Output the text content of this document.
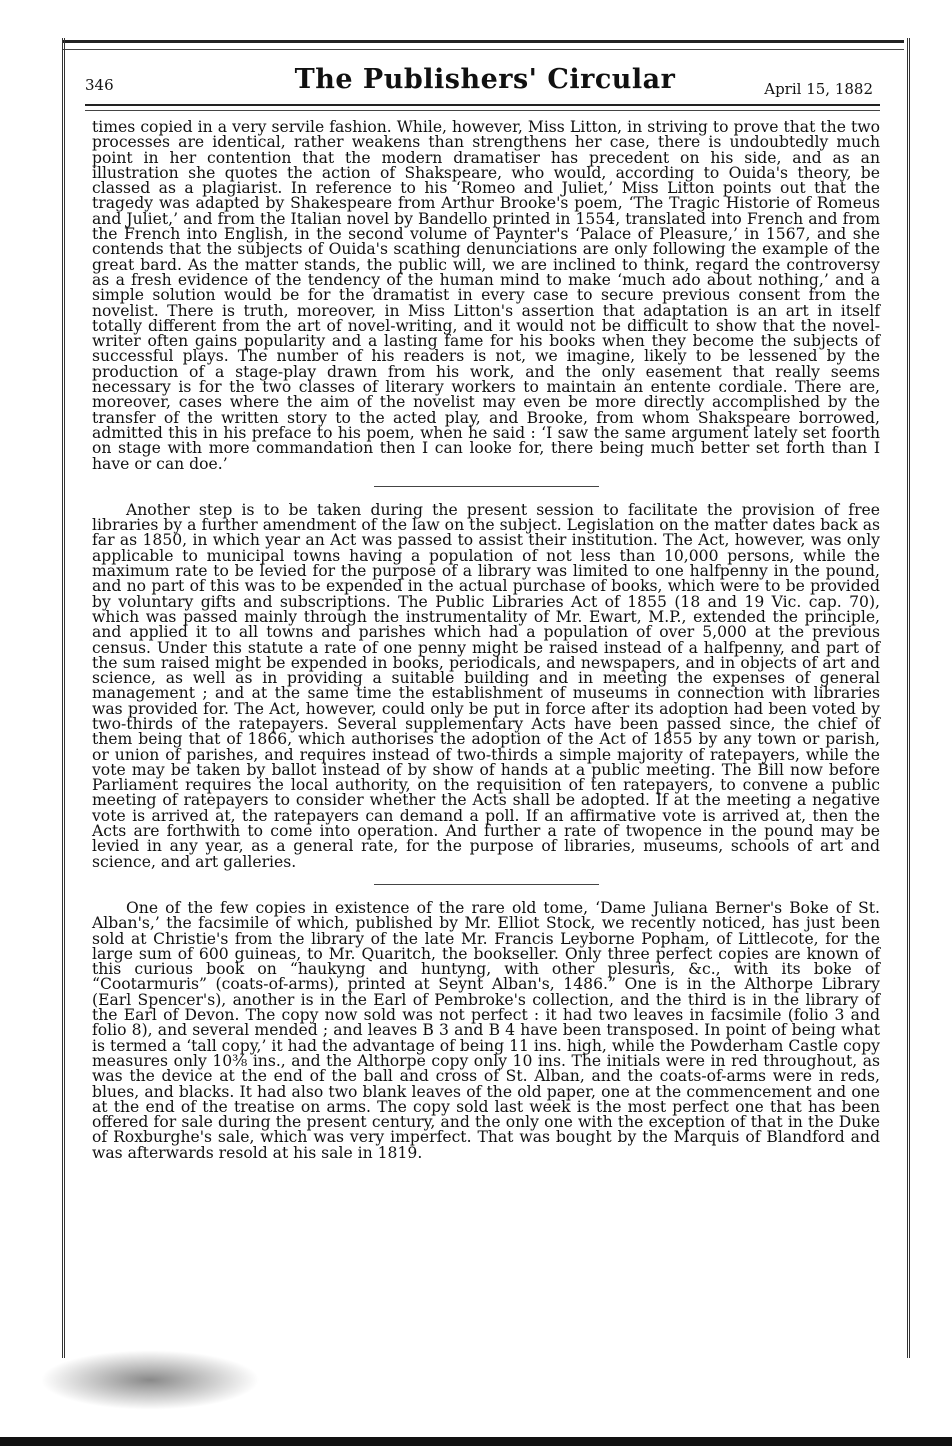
346	The Publishers' Circular	April 15, 1882

times copied in a very servile fashion. While, however, Miss Litton, in striving to prove that the two processes are identical, rather weakens than strengthens her case, there is undoubtedly much point in her contention that the modern dramatiser has precedent on his side, and as an illustration she quotes the action of Shakspeare, who would, according to Ouida's theory, be classed as a plagiarist. In reference to his ‘Romeo and Juliet,’ Miss Litton points out that the tragedy was adapted by Shakespeare from Arthur Brooke's poem, ‘The Tragic Historie of Romeus and Juliet,’ and from the Italian novel by Bandello printed in 1554, translated into French and from the French into English, in the second volume of Paynter's ‘Palace of Pleasure,’ in 1567, and she contends that the subjects of Ouida's scathing denunciations are only following the example of the great bard. As the matter stands, the public will, we are inclined to think, regard the controversy as a fresh evidence of the tendency of the human mind to make ‘much ado about nothing,’ and a simple solution would be for the dramatist in every case to secure previous consent from the novelist. There is truth, moreover, in Miss Litton's assertion that adaptation is an art in itself totally different from the art of novel-writing, and it would not be difficult to show that the novel-writer often gains popularity and a lasting fame for his books when they become the subjects of successful plays. The number of his readers is not, we imagine, likely to be lessened by the production of a stage-play drawn from his work, and the only easement that really seems necessary is for the two classes of literary workers to maintain an entente cordiale. There are, moreover, cases where the aim of the novelist may even be more directly accomplished by the transfer of the written story to the acted play, and Brooke, from whom Shakspeare borrowed, admitted this in his preface to his poem, when he said : ‘I saw the same argument lately set foorth on stage with more commandation then I can looke for, there being much better set forth than I have or can doe.’

Another step is to be taken during the present session to facilitate the provision of free libraries by a further amendment of the law on the subject. Legislation on the matter dates back as far as 1850, in which year an Act was passed to assist their institution. The Act, however, was only applicable to municipal towns having a population of not less than 10,000 persons, while the maximum rate to be levied for the purpose of a library was limited to one halfpenny in the pound, and no part of this was to be expended in the actual purchase of books, which were to be provided by voluntary gifts and subscriptions. The Public Libraries Act of 1855 (18 and 19 Vic. cap. 70), which was passed mainly through the instrumentality of Mr. Ewart, M.P., extended the principle, and applied it to all towns and parishes which had a population of over 5,000 at the previous census. Under this statute a rate of one penny might be raised instead of a halfpenny, and part of the sum raised might be expended in books, periodicals, and newspapers, and in objects of art and science, as well as in providing a suitable building and in meeting the expenses of general management ; and at the same time the establishment of museums in connection with libraries was provided for. The Act, however, could only be put in force after its adoption had been voted by two-thirds of the ratepayers. Several supplementary Acts have been passed since, the chief of them being that of 1866, which authorises the adoption of the Act of 1855 by any town or parish, or union of parishes, and requires instead of two-thirds a simple majority of ratepayers, while the vote may be taken by ballot instead of by show of hands at a public meeting. The Bill now before Parliament requires the local authority, on the requisition of ten ratepayers, to convene a public meeting of ratepayers to consider whether the Acts shall be adopted. If at the meeting a negative vote is arrived at, the ratepayers can demand a poll. If an affirmative vote is arrived at, then the Acts are forthwith to come into operation. And further a rate of twopence in the pound may be levied in any year, as a general rate, for the purpose of libraries, museums, schools of art and science, and art galleries.

One of the few copies in existence of the rare old tome, ‘Dame Juliana Berner's Boke of St. Alban's,’ the facsimile of which, published by Mr. Elliot Stock, we recently noticed, has just been sold at Christie's from the library of the late Mr. Francis Leyborne Popham, of Littlecote, for the large sum of 600 guineas, to Mr. Quaritch, the bookseller. Only three perfect copies are known of this curious book on “haukyng and huntyng, with other plesuris, &c., with its boke of “Cootarmuris” (coats-of-arms), printed at Seynt Alban's, 1486.” One is in the Althorpe Library (Earl Spencer's), another is in the Earl of Pembroke's collection, and the third is in the library of the Earl of Devon. The copy now sold was not perfect : it had two leaves in facsimile (folio 3 and folio 8), and several mended ; and leaves B 3 and B 4 have been transposed. In point of being what is termed a ‘tall copy,’ it had the advantage of being 11 ins. high, while the Powderham Castle copy measures only 10⅜ ins., and the Althorpe copy only 10 ins. The initials were in red throughout, as was the device at the end of the ball and cross of St. Alban, and the coats-of-arms were in reds, blues, and blacks. It had also two blank leaves of the old paper, one at the commencement and one at the end of the treatise on arms. The copy sold last week is the most perfect one that has been offered for sale during the present century, and the only one with the exception of that in the Duke of Roxburghe's sale, which was very imperfect. That was bought by the Marquis of Blandford and was afterwards resold at his sale in 1819.
